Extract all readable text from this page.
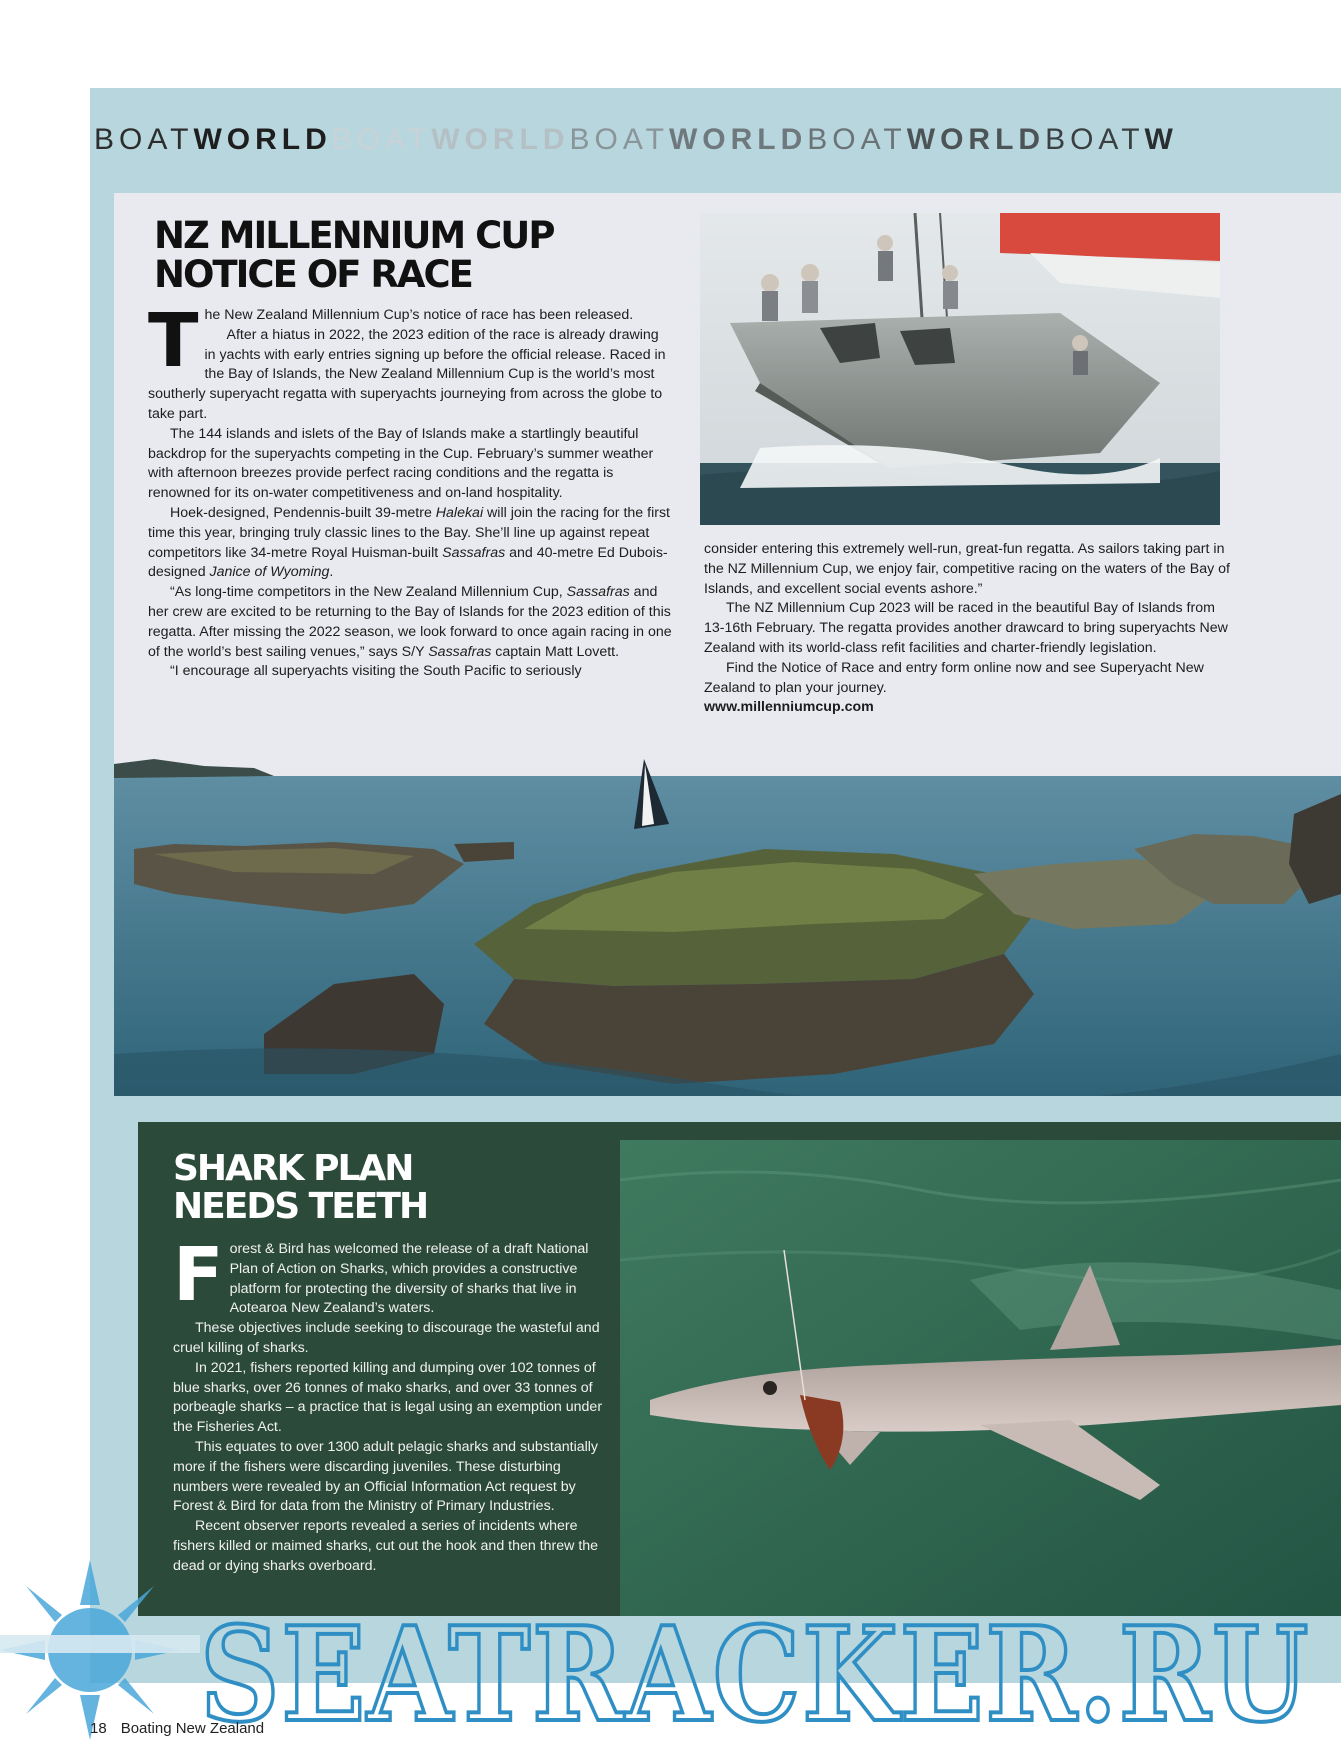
BOATWORLDBOATWORLDBOATWORLDBOATWORLDBOATW
NZ MILLENNIUM CUP
NOTICE OF RACE
T he New Zealand Millennium Cup’s notice of race has been released.

After a hiatus in 2022, the 2023 edition of the race is already drawing in yachts with early entries signing up before the official release. Raced in the Bay of Islands, the New Zealand Millennium Cup is the world’s most southerly superyacht regatta with superyachts journeying from across the globe to take part.

The 144 islands and islets of the Bay of Islands make a startlingly beautiful backdrop for the superyachts competing in the Cup. February’s summer weather with afternoon breezes provide perfect racing conditions and the regatta is renowned for its on-water competitiveness and on-land hospitality.

Hoek-designed, Pendennis-built 39-metre Halekai will join the racing for the first time this year, bringing truly classic lines to the Bay. She’ll line up against repeat competitors like 34-metre Royal Huisman-built Sassafras and 40-metre Ed Dubois-designed Janice of Wyoming.

“As long-time competitors in the New Zealand Millennium Cup, Sassafras and her crew are excited to be returning to the Bay of Islands for the 2023 edition of this regatta. After missing the 2022 season, we look forward to once again racing in one of the world’s best sailing venues,” says S/Y Sassafras captain Matt Lovett.

“I encourage all superyachts visiting the South Pacific to seriously

consider entering this extremely well-run, great-fun regatta. As sailors taking part in the NZ Millennium Cup, we enjoy fair, competitive racing on the waters of the Bay of Islands, and excellent social events ashore.”

The NZ Millennium Cup 2023 will be raced in the beautiful Bay of Islands from 13-16th February. The regatta provides another drawcard to bring superyachts New Zealand with its world-class refit facilities and charter-friendly legislation.

Find the Notice of Race and entry form online now and see Superyacht New Zealand to plan your journey.

www.millenniumcup.com

SHARK PLAN
NEEDS TEETH
F orest & Bird has welcomed the release of a draft National Plan of Action on Sharks, which provides a constructive platform for protecting the diversity of sharks that live in Aotearoa New Zealand’s waters.

These objectives include seeking to discourage the wasteful and cruel killing of sharks.

In 2021, fishers reported killing and dumping over 102 tonnes of blue sharks, over 26 tonnes of mako sharks, and over 33 tonnes of porbeagle sharks – a practice that is legal using an exemption under the Fisheries Act.

This equates to over 1300 adult pelagic sharks and substantially more if the fishers were discarding juveniles. These disturbing numbers were revealed by an Official Information Act request by Forest & Bird for data from the Ministry of Primary Industries.

Recent observer reports revealed a series of incidents where fishers killed or maimed sharks, cut out the hook and then threw the dead or dying sharks overboard.

SEATRACKER.RU
18 Boating New Zealand
